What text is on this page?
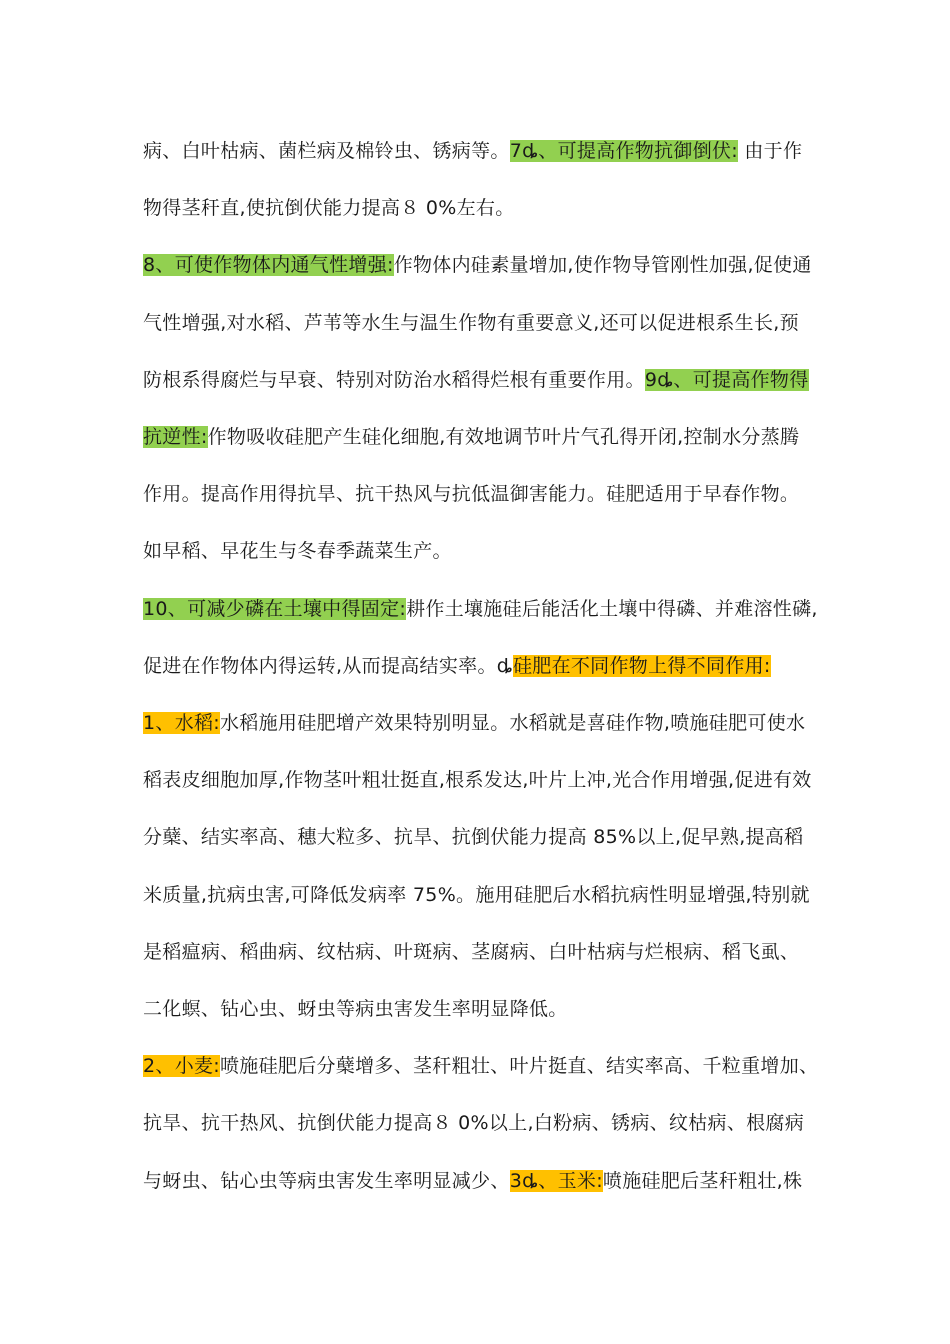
病、白叶枯病、菌栏病及棉铃虫、锈病等。7ȡ、可提高作物抗御倒伏: 由于作
物得茎秆直,使抗倒伏能力提高８ 0%左右。
8、可使作物体内通气性增强:作物体内硅素量增加,使作物导管刚性加强,促使通
气性增强,对水稻、芦苇等水生与温生作物有重要意义,还可以促进根系生长,预
防根系得腐烂与早衰、特别对防治水稻得烂根有重要作用。9ȡ、可提高作物得
抗逆性:作物吸收硅肥产生硅化细胞,有效地调节叶片气孔得开闭,控制水分蒸腾
作用。提高作用得抗旱、抗干热风与抗低温御害能力。硅肥适用于早春作物。
如早稻、早花生与冬春季蔬菜生产。
10、可减少磷在土壤中得固定:耕作土壤施硅后能活化土壤中得磷、并难溶性磷,
促进在作物体内得运转,从而提高结实率。ȡ硅肥在不同作物上得不同作用:
1、水稻:水稻施用硅肥增产效果特别明显。水稻就是喜硅作物,喷施硅肥可使水
稻表皮细胞加厚,作物茎叶粗壮挺直,根系发达,叶片上冲,光合作用增强,促进有效
分蘖、结实率高、穗大粒多、抗旱、抗倒伏能力提高 85%以上,促早熟,提高稻
米质量,抗病虫害,可降低发病率 75%。施用硅肥后水稻抗病性明显增强,特别就
是稻瘟病、稻曲病、纹枯病、叶斑病、茎腐病、白叶枯病与烂根病、稻飞虱、
二化螟、钻心虫、蚜虫等病虫害发生率明显降低。
2、小麦:喷施硅肥后分蘖增多、茎秆粗壮、叶片挺直、结实率高、千粒重增加、
抗旱、抗干热风、抗倒伏能力提高８ 0%以上,白粉病、锈病、纹枯病、根腐病
与蚜虫、钻心虫等病虫害发生率明显减少、3ȡ、玉米:喷施硅肥后茎秆粗壮,株
